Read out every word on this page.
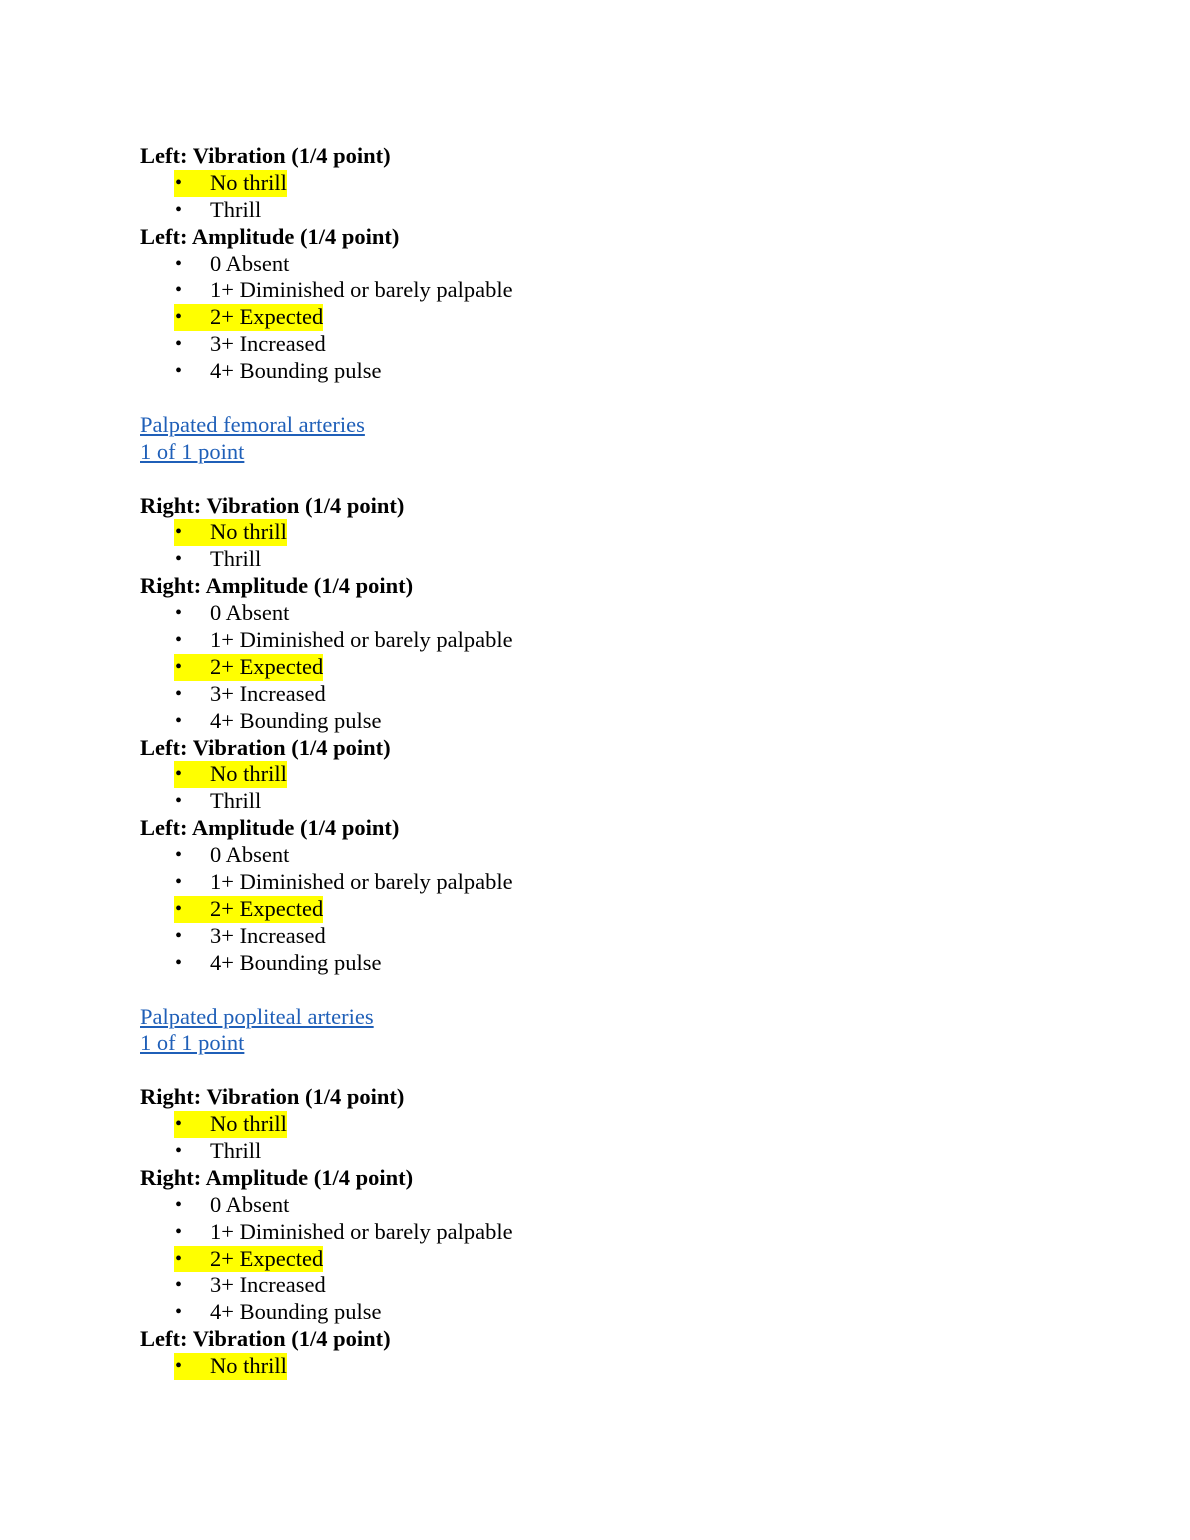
Left: Vibration (1/4 point)
• No thrill
• Thrill
Left: Amplitude (1/4 point)
• 0 Absent
• 1+ Diminished or barely palpable
• 2+ Expected
• 3+ Increased
• 4+ Bounding pulse
Palpated femoral arteries
1 of 1 point
Right: Vibration (1/4 point)
• No thrill
• Thrill
Right: Amplitude (1/4 point)
• 0 Absent
• 1+ Diminished or barely palpable
• 2+ Expected
• 3+ Increased
• 4+ Bounding pulse
Left: Vibration (1/4 point)
• No thrill
• Thrill
Left: Amplitude (1/4 point)
• 0 Absent
• 1+ Diminished or barely palpable
• 2+ Expected
• 3+ Increased
• 4+ Bounding pulse
Palpated popliteal arteries
1 of 1 point
Right: Vibration (1/4 point)
• No thrill
• Thrill
Right: Amplitude (1/4 point)
• 0 Absent
• 1+ Diminished or barely palpable
• 2+ Expected
• 3+ Increased
• 4+ Bounding pulse
Left: Vibration (1/4 point)
• No thrill
